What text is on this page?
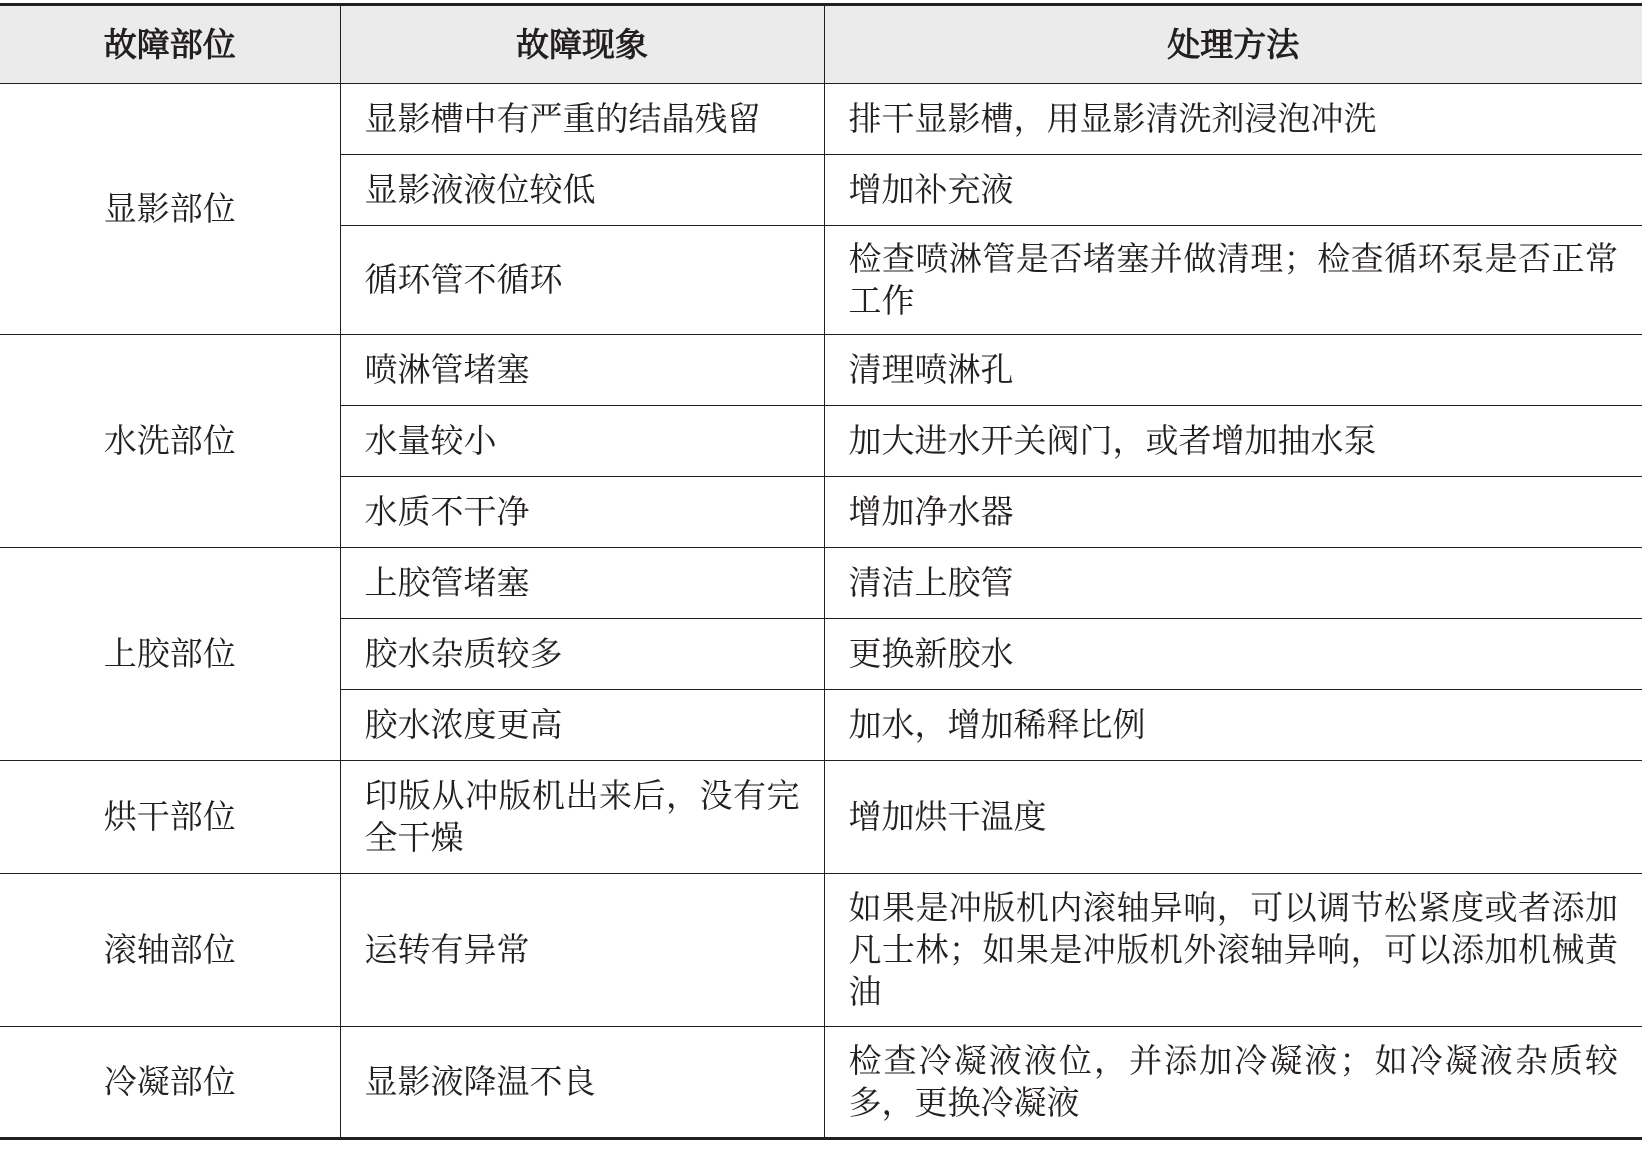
故障部位	故障现象	处理方法
显影部位	显影槽中有严重的结晶残留	排干显影槽，用显影清洗剂浸泡冲洗
	显影液液位较低	增加补充液
	循环管不循环	检查喷淋管是否堵塞并做清理；检查循环泵是否正常工作
水洗部位	喷淋管堵塞	清理喷淋孔
	水量较小	加大进水开关阀门，或者增加抽水泵
	水质不干净	增加净水器
上胶部位	上胶管堵塞	清洁上胶管
	胶水杂质较多	更换新胶水
	胶水浓度更高	加水，增加稀释比例
烘干部位	印版从冲版机出来后，没有完全干燥	增加烘干温度
滚轴部位	运转有异常	如果是冲版机内滚轴异响，可以调节松紧度或者添加凡士林；如果是冲版机外滚轴异响，可以添加机械黄油
冷凝部位	显影液降温不良	检查冷凝液液位，并添加冷凝液；如冷凝液杂质较多，更换冷凝液
